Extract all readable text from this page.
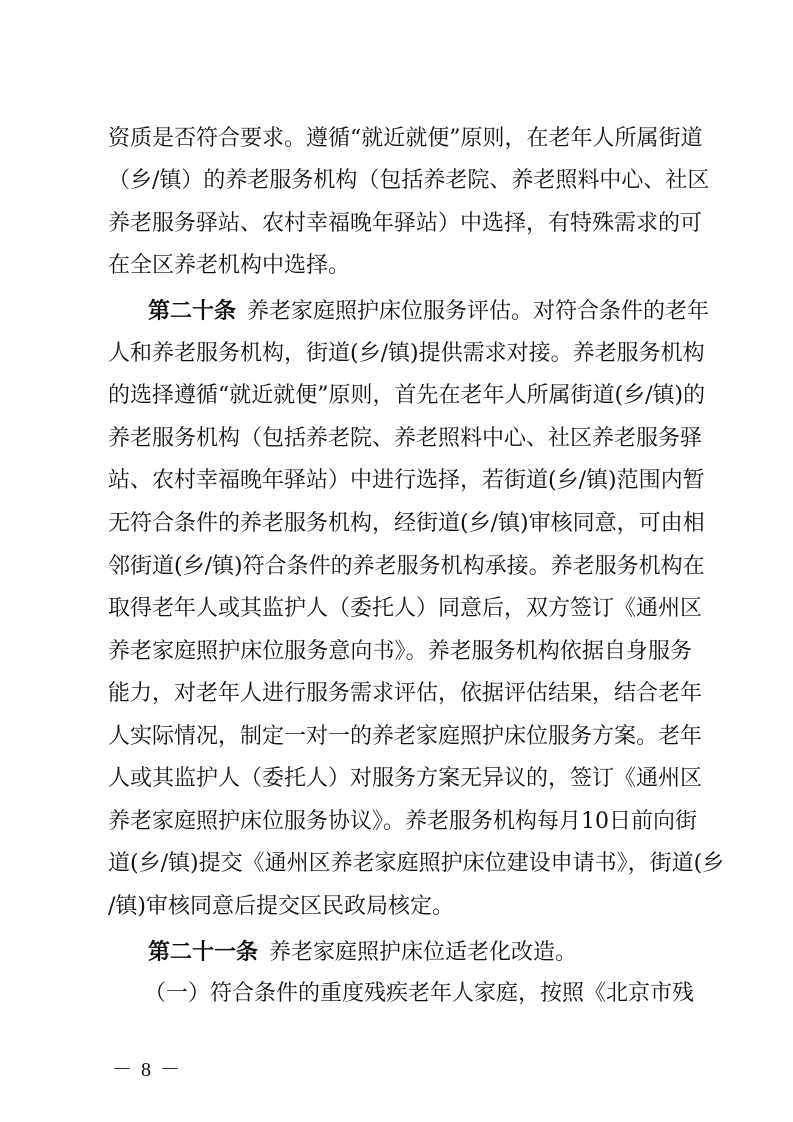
资质是否符合要求。遵循“就近就便”原则，在老年人所属街道
（乡/镇）的养老服务机构（包括养老院、养老照料中心、社区
养老服务驿站、农村幸福晚年驿站）中选择，有特殊需求的可
在全区养老机构中选择。
第二十条  养老家庭照护床位服务评估。对符合条件的老年
人和养老服务机构，街道(乡/镇)提供需求对接。养老服务机构
的选择遵循“就近就便”原则，首先在老年人所属街道(乡/镇)的
养老服务机构（包括养老院、养老照料中心、社区养老服务驿
站、农村幸福晚年驿站）中进行选择，若街道(乡/镇)范围内暂
无符合条件的养老服务机构，经街道(乡/镇)审核同意，可由相
邻街道(乡/镇)符合条件的养老服务机构承接。养老服务机构在
取得老年人或其监护人（委托人）同意后，双方签订《通州区
养老家庭照护床位服务意向书》。养老服务机构依据自身服务
能力，对老年人进行服务需求评估，依据评估结果，结合老年
人实际情况，制定一对一的养老家庭照护床位服务方案。老年
人或其监护人（委托人）对服务方案无异议的，签订《通州区
养老家庭照护床位服务协议》。养老服务机构每月10日前向街
道(乡/镇)提交《通州区养老家庭照护床位建设申请书》，街道(乡
/镇)审核同意后提交区民政局核定。
第二十一条  养老家庭照护床位适老化改造。
（一）符合条件的重度残疾老年人家庭，按照《北京市残
－ 8 －
